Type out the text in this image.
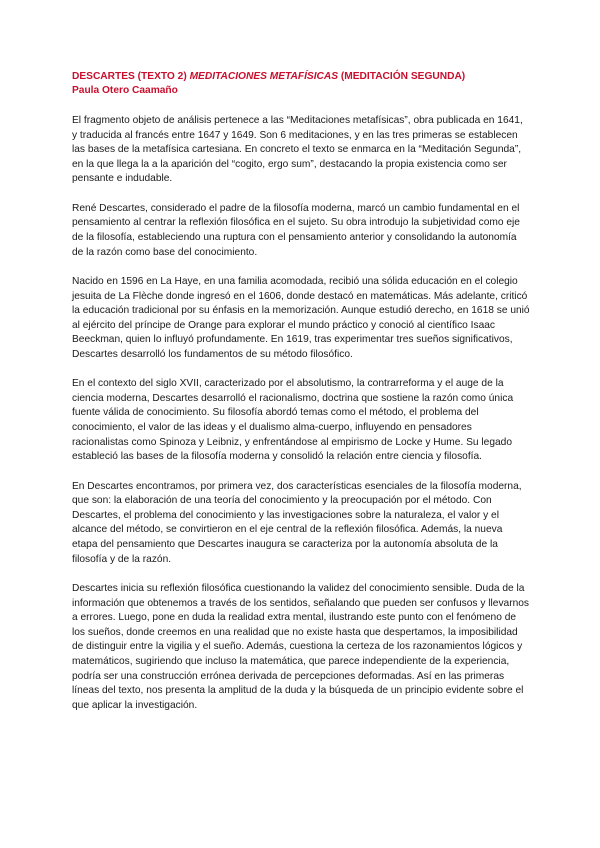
DESCARTES (TEXTO 2) MEDITACIONES METAFÍSICAS (MEDITACIÓN SEGUNDA)
Paula Otero Caamaño

El fragmento objeto de análisis pertenece a las “Meditaciones metafísicas”, obra publicada en 1641, y traducida al francés entre 1647 y 1649. Son 6 meditaciones, y en las tres primeras se establecen las bases de la metafísica cartesiana. En concreto el texto se enmarca en la “Meditación Segunda”, en la que llega la a la aparición del “cogito, ergo sum”, destacando la propia existencia como ser pensante e indudable.

René Descartes, considerado el padre de la filosofía moderna, marcó un cambio fundamental en el pensamiento al centrar la reflexión filosófica en el sujeto. Su obra introdujo la subjetividad como eje de la filosofía, estableciendo una ruptura con el pensamiento anterior y consolidando la autonomía de la razón como base del conocimiento.

Nacido en 1596 en La Haye, en una familia acomodada, recibió una sólida educación en el colegio jesuita de La Flèche donde ingresó en el 1606, donde destacó en matemáticas. Más adelante, criticó la educación tradicional por su énfasis en la memorización. Aunque estudió derecho, en 1618 se unió al ejército del príncipe de Orange para explorar el mundo práctico y conoció al científico Isaac Beeckman, quien lo influyó profundamente. En 1619, tras experimentar tres sueños significativos, Descartes desarrolló los fundamentos de su método filosófico.

En el contexto del siglo XVII, caracterizado por el absolutismo, la contrarreforma y el auge de la ciencia moderna, Descartes desarrolló el racionalismo, doctrina que sostiene la razón como única fuente válida de conocimiento. Su filosofía abordó temas como el método, el problema del conocimiento, el valor de las ideas y el dualismo alma-cuerpo, influyendo en pensadores racionalistas como Spinoza y Leibniz, y enfrentándose al empirismo de Locke y Hume. Su legado estableció las bases de la filosofía moderna y consolidó la relación entre ciencia y filosofía.

En Descartes encontramos, por primera vez, dos características esenciales de la filosofía moderna, que son: la elaboración de una teoría del conocimiento y la preocupación por el método. Con Descartes, el problema del conocimiento y las investigaciones sobre la naturaleza, el valor y el alcance del método, se convirtieron en el eje central de la reflexión filosófica. Además, la nueva etapa del pensamiento que Descartes inaugura se caracteriza por la autonomía absoluta de la filosofía y de la razón.

Descartes inicia su reflexión filosófica cuestionando la validez del conocimiento sensible. Duda de la información que obtenemos a través de los sentidos, señalando que pueden ser confusos y llevarnos a errores. Luego, pone en duda la realidad extra mental, ilustrando este punto con el fenómeno de los sueños, donde creemos en una realidad que no existe hasta que despertamos, la imposibilidad de distinguir entre la vigilia y el sueño. Además, cuestiona la certeza de los razonamientos lógicos y matemáticos, sugiriendo que incluso la matemática, que parece independiente de la experiencia, podría ser una construcción errónea derivada de percepciones deformadas. Así en las primeras líneas del texto, nos presenta la amplitud de la duda y la búsqueda de un principio evidente sobre el que aplicar la investigación.
